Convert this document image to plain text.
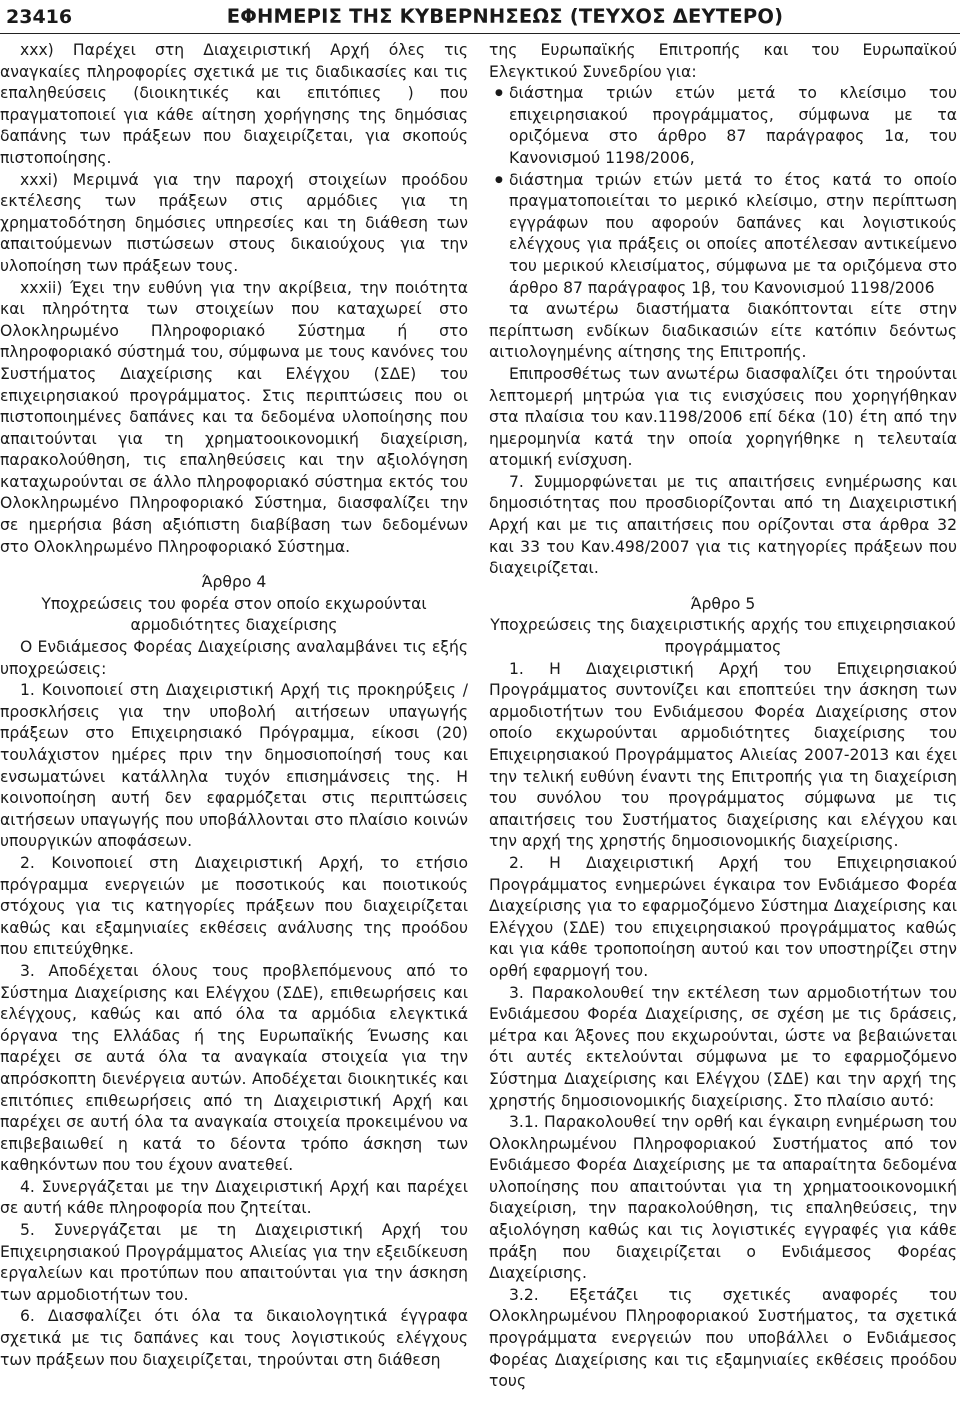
23416	ΕΦΗΜΕΡΙΣ ΤΗΣ ΚΥΒΕΡΝΗΣΕΩΣ (ΤΕΥΧΟΣ ΔΕΥΤΕΡΟ)

xxx) Παρέχει στη Διαχειριστική Αρχή όλες τις αναγκαίες πληροφορίες σχετικά με τις διαδικασίες και τις επαληθεύσεις (διοικητικές και επιτόπιες ) που πραγματοποιεί για κάθε αίτηση χορήγησης της δημόσιας δαπάνης των πράξεων που διαχειρίζεται, για σκοπούς πιστοποίησης.

xxxi) Μεριμνά για την παροχή στοιχείων προόδου εκτέλεσης των πράξεων στις αρμόδιες για τη χρηματοδότηση δημόσιες υπηρεσίες και τη διάθεση των απαιτούμενων πιστώσεων στους δικαιούχους για την υλοποίηση των πράξεων τους.

xxxii) Έχει την ευθύνη για την ακρίβεια, την ποιότητα και πληρότητα των στοιχείων που καταχωρεί στο Ολοκληρωμένο Πληροφοριακό Σύστημα ή στο πληροφοριακό σύστημά του, σύμφωνα με τους κανόνες του Συστήματος Διαχείρισης και Ελέγχου (ΣΔΕ) του επιχειρησιακού προγράμματος. Στις περιπτώσεις που οι πιστοποιημένες δαπάνες και τα δεδομένα υλοποίησης που απαιτούνται για τη χρηματοοικονομική διαχείριση, παρακολούθηση, τις επαληθεύσεις και την αξιολόγηση καταχωρούνται σε άλλο πληροφοριακό σύστημα εκτός του Ολοκληρωμένο Πληροφοριακό Σύστημα, διασφαλίζει την σε ημερήσια βάση αξιόπιστη διαβίβαση των δεδομένων στο Ολοκληρωμένο Πληροφοριακό Σύστημα.

Άρθρο 4

Υποχρεώσεις του φορέα στον οποίο εκχωρούνται αρμοδιότητες διαχείρισης

Ο Ενδιάμεσος Φορέας Διαχείρισης αναλαμβάνει τις εξής υποχρεώσεις:

1. Κοινοποιεί στη Διαχειριστική Αρχή τις προκηρύξεις / προσκλήσεις για την υποβολή αιτήσεων υπαγωγής πράξεων στο Επιχειρησιακό Πρόγραμμα, είκοσι (20) τουλάχιστον ημέρες πριν την δημοσιοποίησή τους και ενσωματώνει κατάλληλα τυχόν επισημάνσεις της. Η κοινοποίηση αυτή δεν εφαρμόζεται στις περιπτώσεις αιτήσεων υπαγωγής που υποβάλλονται στο πλαίσιο κοινών υπουργικών αποφάσεων.

2. Κοινοποιεί στη Διαχειριστική Αρχή, το ετήσιο πρόγραμμα ενεργειών με ποσοτικούς και ποιοτικούς στόχους για τις κατηγορίες πράξεων που διαχειρίζεται καθώς και εξαμηνιαίες εκθέσεις ανάλυσης της προόδου που επιτεύχθηκε.

3. Αποδέχεται όλους τους προβλεπόμενους από το Σύστημα Διαχείρισης και Ελέγχου (ΣΔΕ), επιθεωρήσεις και ελέγχους, καθώς και από όλα τα αρμόδια ελεγκτικά όργανα της Ελλάδας ή της Ευρωπαϊκής Ένωσης και παρέχει σε αυτά όλα τα αναγκαία στοιχεία για την απρόσκοπτη διενέργεια αυτών. Αποδέχεται διοικητικές και επιτόπιες επιθεωρήσεις από τη Διαχειριστική Αρχή και παρέχει σε αυτή όλα τα αναγκαία στοιχεία προκειμένου να επιβεβαιωθεί η κατά το δέοντα τρόπο άσκηση των καθηκόντων που του έχουν ανατεθεί.

4. Συνεργάζεται με την Διαχειριστική Αρχή και παρέχει σε αυτή κάθε πληροφορία που ζητείται.

5. Συνεργάζεται με τη Διαχειριστική Αρχή του Επιχειρησιακού Προγράμματος Αλιείας για την εξειδίκευση εργαλείων και προτύπων που απαιτούνται για την άσκηση των αρμοδιοτήτων του.

6. Διασφαλίζει ότι όλα τα δικαιολογητικά έγγραφα σχετικά με τις δαπάνες και τους λογιστικούς ελέγχους των πράξεων που διαχειρίζεται, τηρούνται στη διάθεση

της Ευρωπαϊκής Επιτροπής και του Ευρωπαϊκού Ελεγκτικού Συνεδρίου για:

● διάστημα τριών ετών μετά το κλείσιμο του επιχειρησιακού προγράμματος, σύμφωνα με τα οριζόμενα στο άρθρο 87 παράγραφος 1α, του Κανονισμού 1198/2006,

● διάστημα τριών ετών μετά το έτος κατά το οποίο πραγματοποιείται το μερικό κλείσιμο, στην περίπτωση εγγράφων που αφορούν δαπάνες και λογιστικούς ελέγχους για πράξεις οι οποίες αποτέλεσαν αντικείμενο του μερικού κλεισίματος, σύμφωνα με τα οριζόμενα στο άρθρο 87 παράγραφος 1β, του Κανονισμού 1198/2006

τα ανωτέρω διαστήματα διακόπτονται είτε στην περίπτωση ενδίκων διαδικασιών είτε κατόπιν δεόντως αιτιολογημένης αίτησης της Επιτροπής.

Επιπροσθέτως των ανωτέρω διασφαλίζει ότι τηρούνται λεπτομερή μητρώα για τις ενισχύσεις που χορηγήθηκαν στα πλαίσια του καν.1198/2006 επί δέκα (10) έτη από την ημερομηνία κατά την οποία χορηγήθηκε η τελευταία ατομική ενίσχυση.

7. Συμμορφώνεται με τις απαιτήσεις ενημέρωσης και δημοσιότητας που προσδιορίζονται από τη Διαχειριστική Αρχή και με τις απαιτήσεις που ορίζονται στα άρθρα 32 και 33 του Καν.498/2007 για τις κατηγορίες πράξεων που διαχειρίζεται.

Άρθρο 5

Υποχρεώσεις της διαχειριστικής αρχής του επιχειρησιακού προγράμματος

1. Η Διαχειριστική Αρχή του Επιχειρησιακού Προγράμματος συντονίζει και εποπτεύει την άσκηση των αρμοδιοτήτων του Ενδιάμεσου Φορέα Διαχείρισης στον οποίο εκχωρούνται αρμοδιότητες διαχείρισης του Επιχειρησιακού Προγράμματος Αλιείας 2007-2013 και έχει την τελική ευθύνη έναντι της Επιτροπής για τη διαχείριση του συνόλου του προγράμματος σύμφωνα με τις απαιτήσεις του Συστήματος διαχείρισης και ελέγχου και την αρχή της χρηστής δημοσιονομικής διαχείρισης.

2. Η Διαχειριστική Αρχή του Επιχειρησιακού Προγράμματος ενημερώνει έγκαιρα τον Ενδιάμεσο Φορέα Διαχείρισης για το εφαρμοζόμενο Σύστημα Διαχείρισης και Ελέγχου (ΣΔΕ) του επιχειρησιακού προγράμματος καθώς και για κάθε τροποποίηση αυτού και τον υποστηρίζει στην ορθή εφαρμογή του.

3. Παρακολουθεί την εκτέλεση των αρμοδιοτήτων του Ενδιάμεσου Φορέα Διαχείρισης, σε σχέση με τις δράσεις, μέτρα και Άξονες που εκχωρούνται, ώστε να βεβαιώνεται ότι αυτές εκτελούνται σύμφωνα με το εφαρμοζόμενο Σύστημα Διαχείρισης και Ελέγχου (ΣΔΕ) και την αρχή της χρηστής δημοσιονομικής διαχείρισης. Στο πλαίσιο αυτό:

3.1. Παρακολουθεί την ορθή και έγκαιρη ενημέρωση του Ολοκληρωμένου Πληροφοριακού Συστήματος από τον Ενδιάμεσο Φορέα Διαχείρισης με τα απαραίτητα δεδομένα υλοποίησης που απαιτούνται για τη χρηματοοικονομική διαχείριση, την παρακολούθηση, τις επαληθεύσεις, την αξιολόγηση καθώς και τις λογιστικές εγγραφές για κάθε πράξη που διαχειρίζεται ο Ενδιάμεσος Φορέας Διαχείρισης.

3.2. Εξετάζει τις σχετικές αναφορές του Ολοκληρωμένου Πληροφοριακού Συστήματος, τα σχετικά προγράμματα ενεργειών που υποβάλλει ο Ενδιάμεσος Φορέας Διαχείρισης και τις εξαμηνιαίες εκθέσεις προόδου τους
